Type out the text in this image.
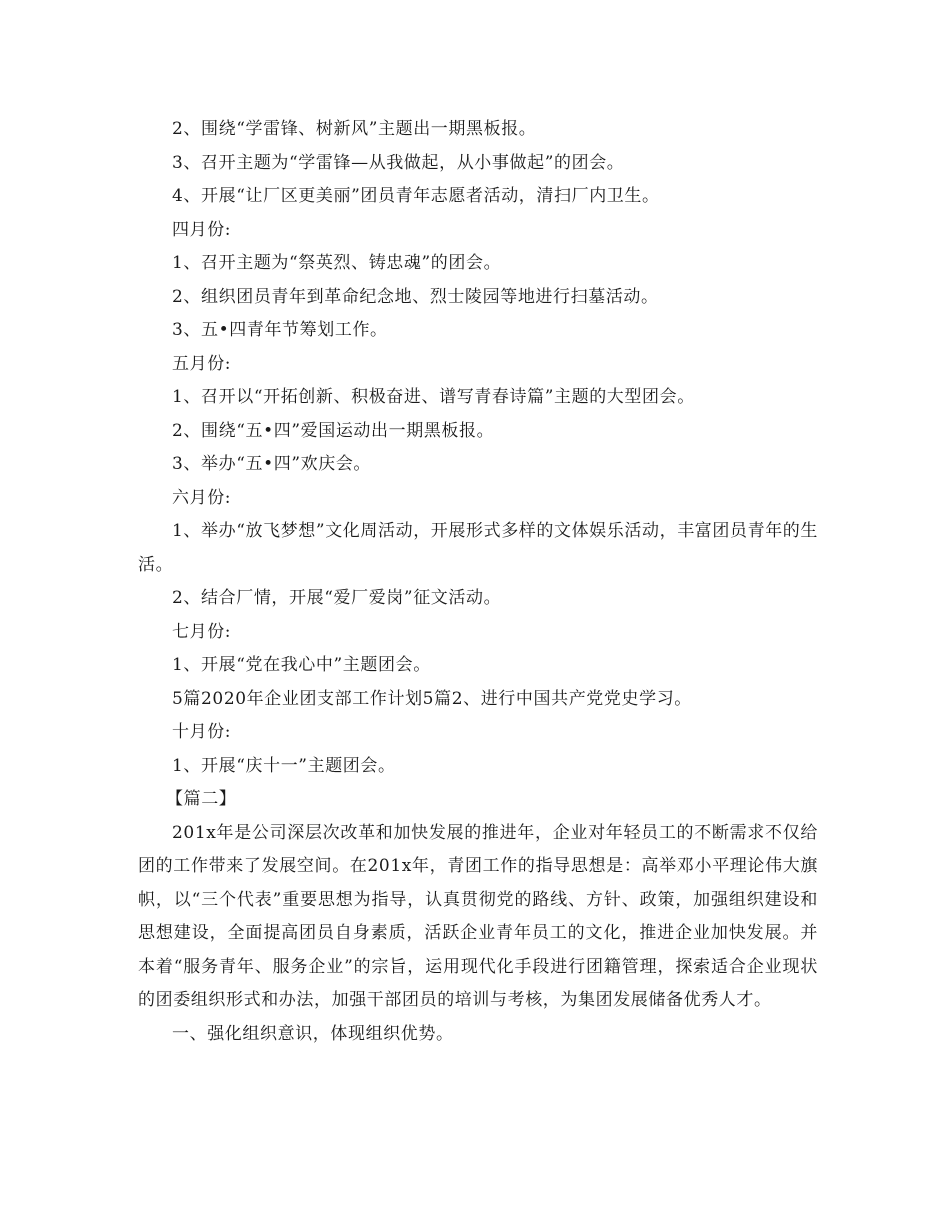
2、围绕“学雷锋、树新风”主题出一期黑板报。

3、召开主题为“学雷锋—从我做起，从小事做起”的团会。

4、开展“让厂区更美丽”团员青年志愿者活动，清扫厂内卫生。

四月份:

1、召开主题为“祭英烈、铸忠魂”的团会。

2、组织团员青年到革命纪念地、烈士陵园等地进行扫墓活动。

3、五•四青年节筹划工作。

五月份:

1、召开以“开拓创新、积极奋进、谱写青春诗篇”主题的大型团会。

2、围绕“五•四”爱国运动出一期黑板报。

3、举办“五•四”欢庆会。

六月份:

1、举办“放飞梦想”文化周活动，开展形式多样的文体娱乐活动，丰富团员青年的生活。

2、结合厂情，开展“爱厂爱岗”征文活动。

七月份:

1、开展“党在我心中”主题团会。

5篇2020年企业团支部工作计划5篇2、进行中国共产党党史学习。

十月份:

1、开展“庆十一”主题团会。

【篇二】

201x年是公司深层次改革和加快发展的推进年，企业对年轻员工的不断需求不仅给团的工作带来了发展空间。在201x年，青团工作的指导思想是：高举邓小平理论伟大旗帜，以“三个代表”重要思想为指导，认真贯彻党的路线、方针、政策，加强组织建设和思想建设，全面提高团员自身素质，活跃企业青年员工的文化，推进企业加快发展。并本着“服务青年、服务企业”的宗旨，运用现代化手段进行团籍管理，探索适合企业现状的团委组织形式和办法，加强干部团员的培训与考核，为集团发展储备优秀人才。

一、强化组织意识，体现组织优势。
